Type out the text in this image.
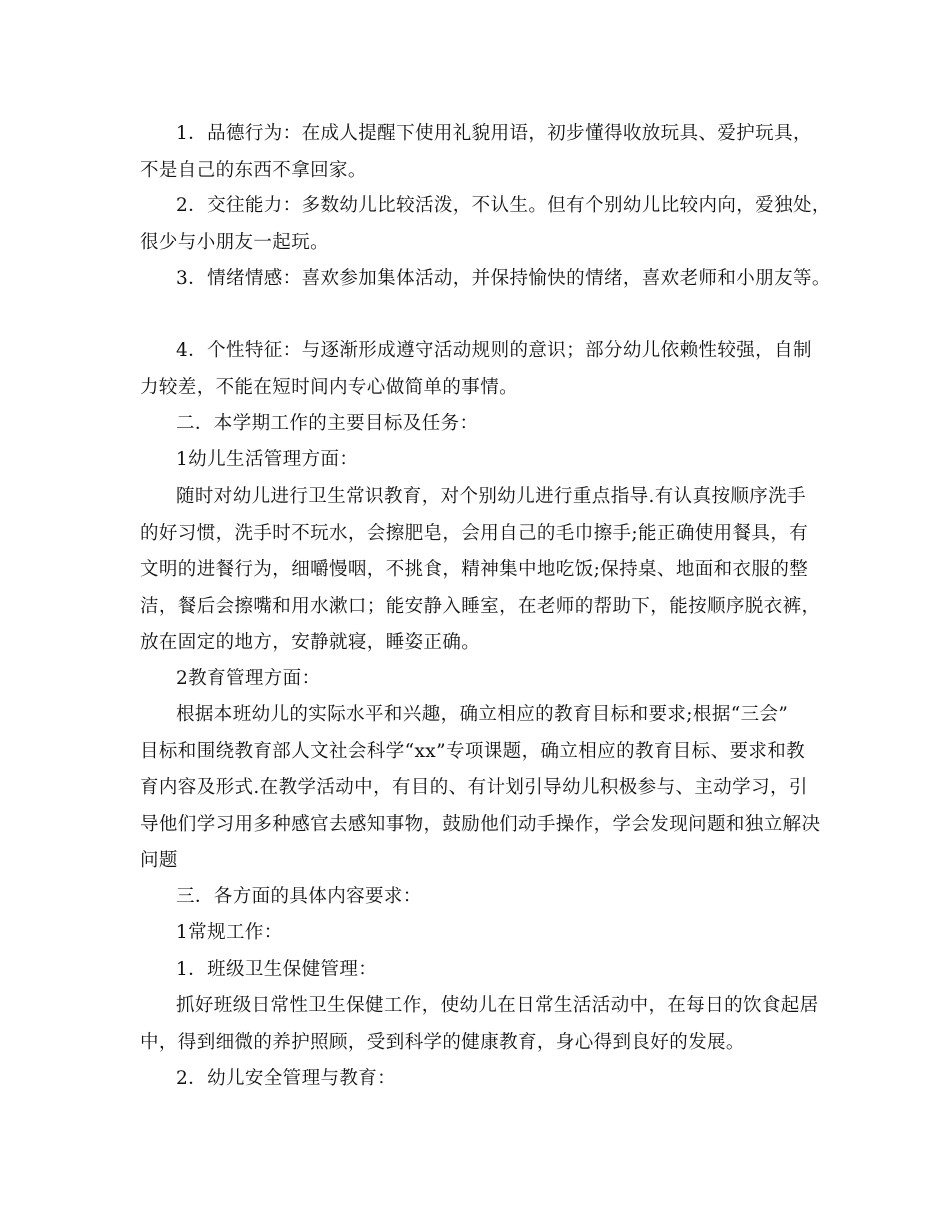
1．品德行为：在成人提醒下使用礼貌用语，初步懂得收放玩具、爱护玩具，
不是自己的东西不拿回家。
2．交往能力：多数幼儿比较活泼，不认生。但有个别幼儿比较内向，爱独处，
很少与小朋友一起玩。
3．情绪情感：喜欢参加集体活动，并保持愉快的情绪，喜欢老师和小朋友等。
4．个性特征：与逐渐形成遵守活动规则的意识；部分幼儿依赖性较强，自制
力较差，不能在短时间内专心做简单的事情。
二．本学期工作的主要目标及任务：
1幼儿生活管理方面：
随时对幼儿进行卫生常识教育，对个别幼儿进行重点指导.有认真按顺序洗手
的好习惯，洗手时不玩水，会擦肥皂，会用自己的毛巾擦手;能正确使用餐具，有
文明的进餐行为，细嚼慢咽，不挑食，精神集中地吃饭;保持桌、地面和衣服的整
洁，餐后会擦嘴和用水漱口；能安静入睡室，在老师的帮助下，能按顺序脱衣裤，
放在固定的地方，安静就寝，睡姿正确。
2教育管理方面：
根据本班幼儿的实际水平和兴趣，确立相应的教育目标和要求;根据“三会”
目标和围绕教育部人文社会科学“xx”专项课题，确立相应的教育目标、要求和教
育内容及形式.在教学活动中，有目的、有计划引导幼儿积极参与、主动学习，引
导他们学习用多种感官去感知事物，鼓励他们动手操作，学会发现问题和独立解决
问题
三．各方面的具体内容要求：
1常规工作：
1．班级卫生保健管理：
抓好班级日常性卫生保健工作，使幼儿在日常生活活动中，在每日的饮食起居
中，得到细微的养护照顾，受到科学的健康教育，身心得到良好的发展。
2．幼儿安全管理与教育：
